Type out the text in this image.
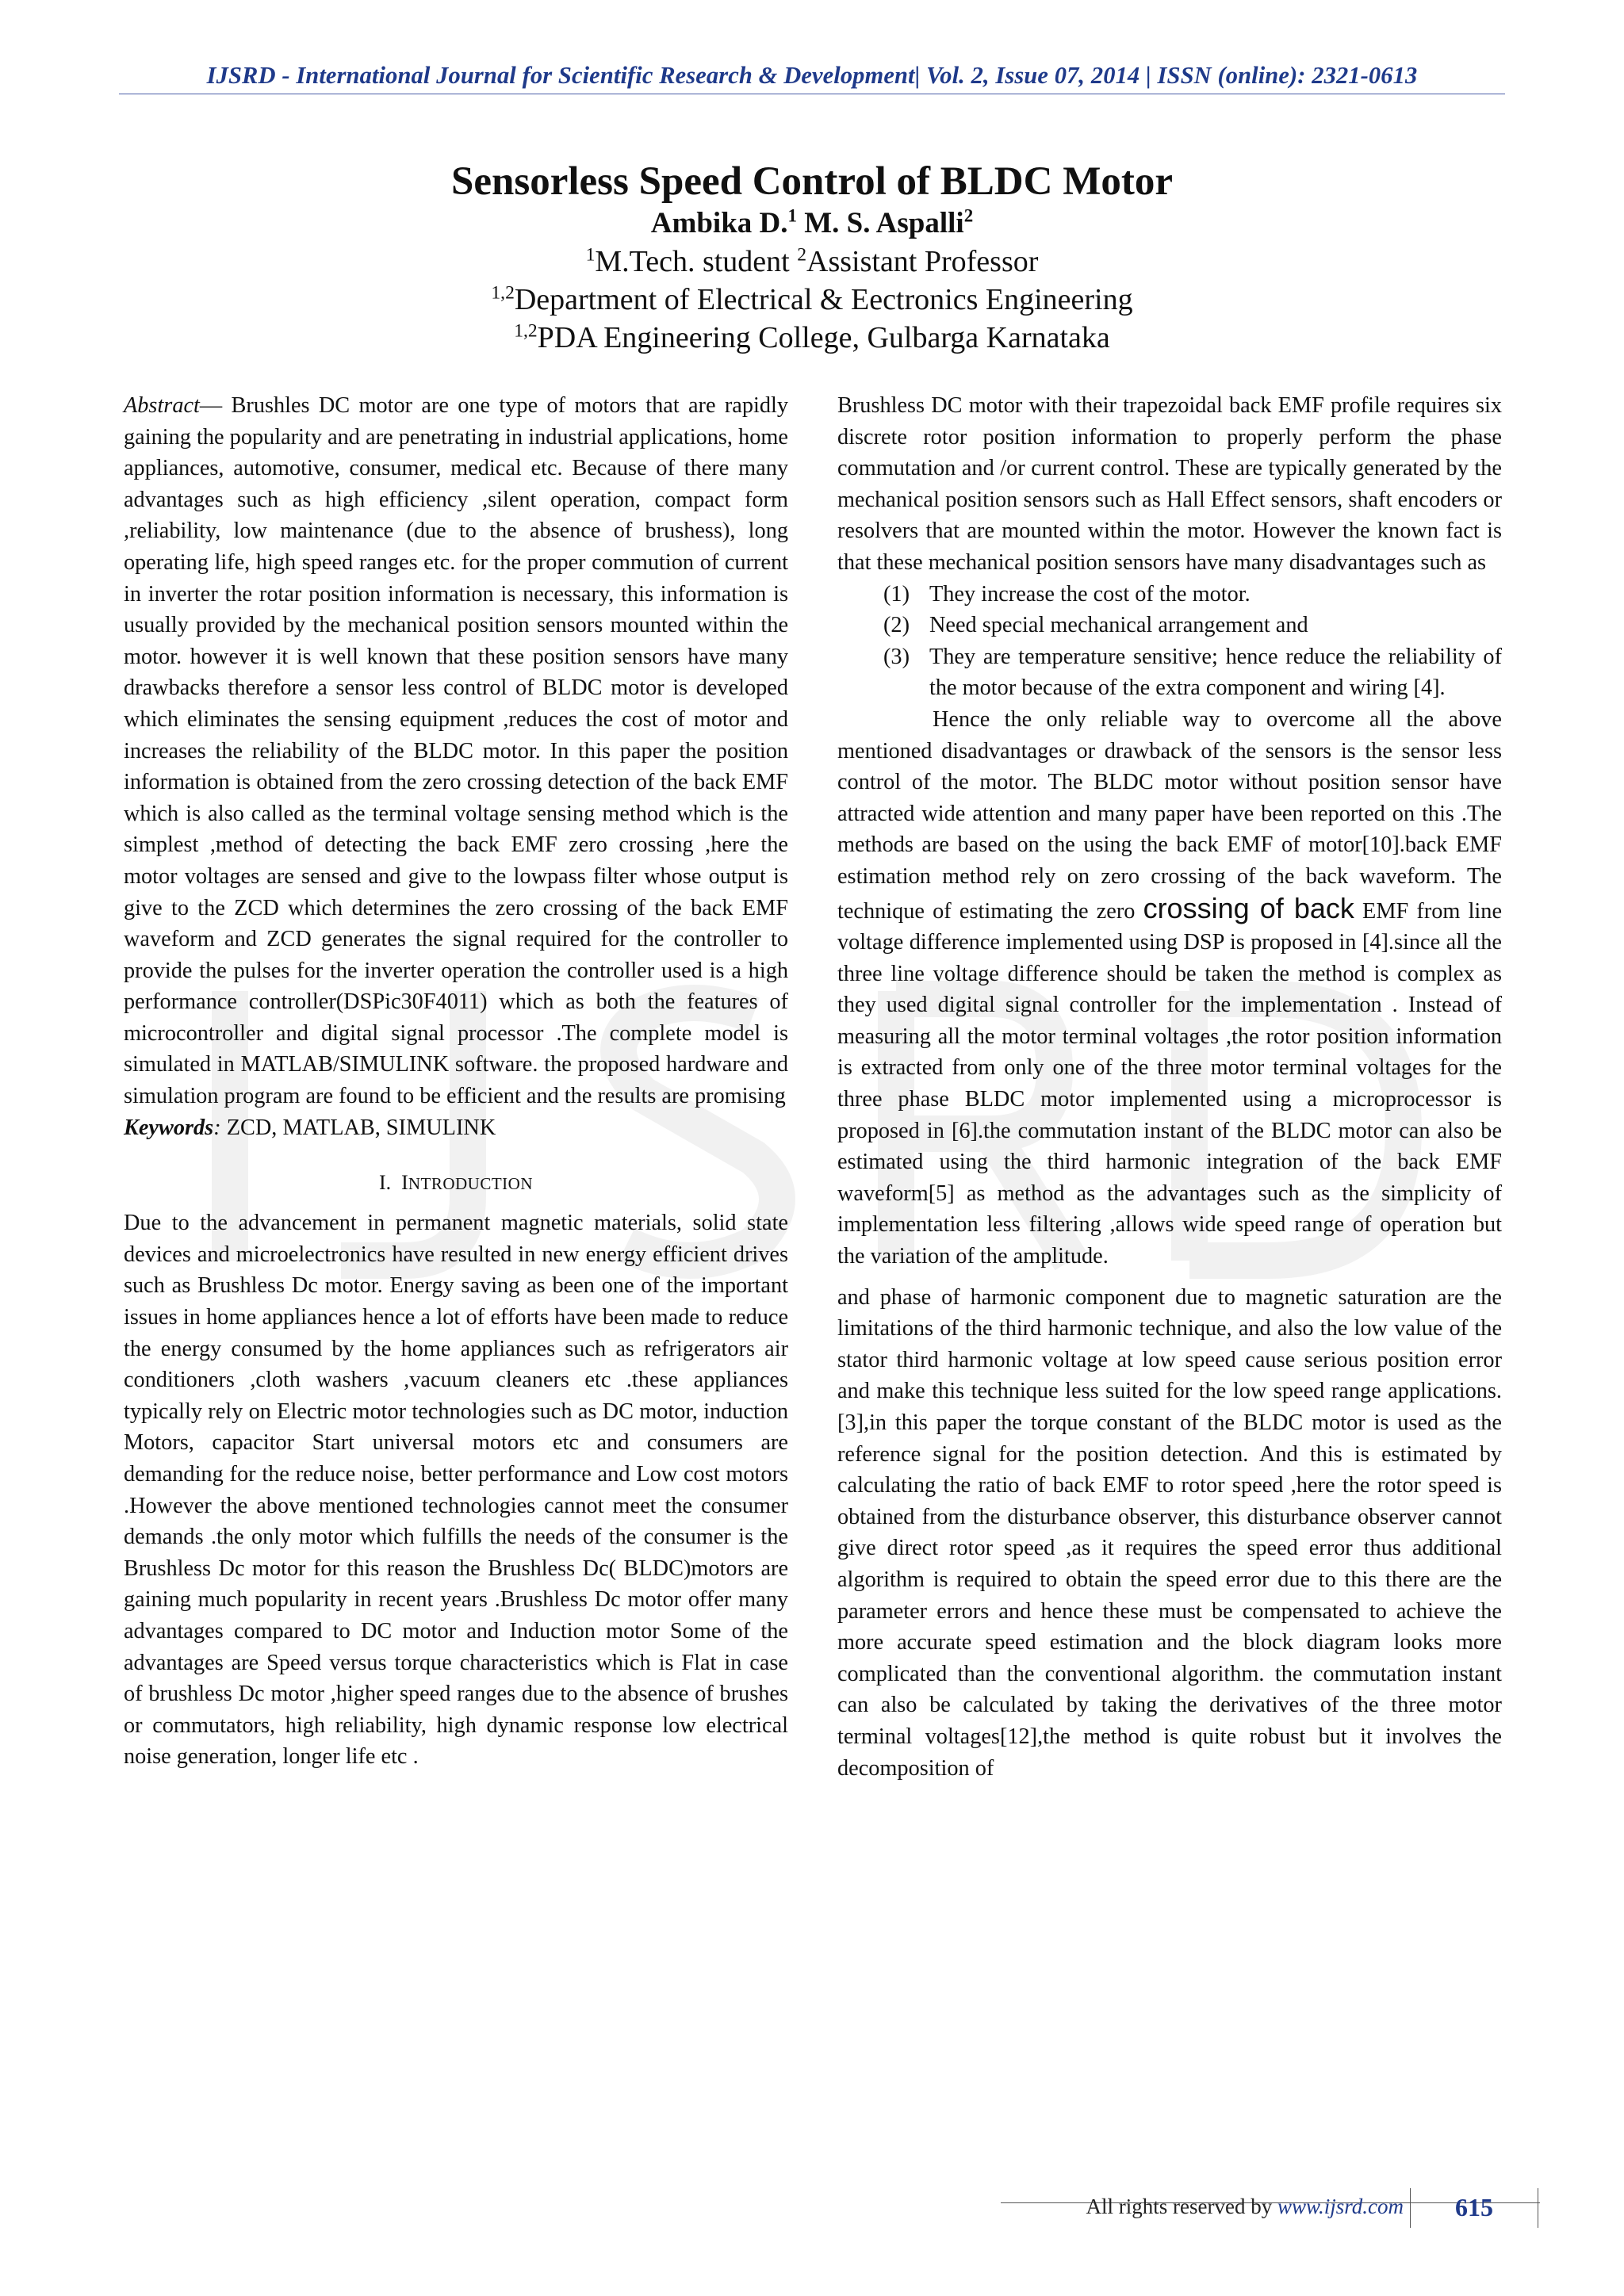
IJSRD - International Journal for Scientific Research & Development| Vol. 2, Issue 07, 2014 | ISSN (online): 2321-0613
Sensorless Speed Control of BLDC Motor
Ambika D.$^1$ M. S. Aspalli$^2$
$^1$M.Tech. student $^2$Assistant Professor
$^{1,2}$Department of Electrical & Eectronics Engineering
$^{1,2}$PDA Engineering College, Gulbarga Karnataka

Abstract— Brushles DC motor are one type of motors that are rapidly gaining the popularity and are penetrating in industrial applications, home appliances, automotive, consumer, medical etc. Because of there many advantages such as high efficiency ,silent operation, compact form ,reliability, low maintenance (due to the absence of brushess), long operating life, high speed ranges etc. for the proper commution of current in inverter the rotar position information is necessary, this information is usually provided by the mechanical position sensors mounted within the motor. however it is well known that these position sensors have many drawbacks therefore a sensor less control of BLDC motor is developed which eliminates the sensing equipment ,reduces the cost of motor and increases the reliability of the BLDC motor. In this paper the position information is obtained from the zero crossing detection of the back EMF which is also called as the terminal voltage sensing method which is the simplest ,method of detecting the back EMF zero crossing ,here the motor voltages are sensed and give to the lowpass filter whose output is give to the ZCD which determines the zero crossing of the back EMF waveform and ZCD generates the signal required for the controller to provide the pulses for the inverter operation the controller used is a high performance controller(DSPic30F4011) which as both the features of microcontroller and digital signal processor .The complete model is simulated in MATLAB/SIMULINK software. the proposed hardware and simulation program are found to be efficient and the results are promising

Keywords: ZCD, MATLAB, SIMULINK

I. INTRODUCTION

Due to the advancement in permanent magnetic materials, solid state devices and microelectronics have resulted in new energy efficient drives such as Brushless Dc motor. Energy saving as been one of the important issues in home appliances hence a lot of efforts have been made to reduce the energy consumed by the home appliances such as refrigerators air conditioners ,cloth washers ,vacuum cleaners etc .these appliances typically rely on Electric motor technologies such as DC motor, induction Motors, capacitor Start universal motors etc and consumers are demanding for the reduce noise, better performance and Low cost motors .However the above mentioned technologies cannot meet the consumer demands .the only motor which fulfills the needs of the consumer is the Brushless Dc motor for this reason the Brushless Dc( BLDC)motors are gaining much popularity in recent years .Brushless Dc motor offer many advantages compared to DC motor and Induction motor Some of the advantages are Speed versus torque characteristics which is Flat in case of brushless Dc motor ,higher speed ranges due to the absence of brushes or commutators, high reliability, high dynamic response low electrical noise generation, longer life etc .

Brushless DC motor with their trapezoidal back EMF profile requires six discrete rotor position information to properly perform the phase commutation and /or current control. These are typically generated by the mechanical position sensors such as Hall Effect sensors, shaft encoders or resolvers that are mounted within the motor. However the known fact is that these mechanical position sensors have many disadvantages such as

(1) They increase the cost of the motor.
(2) Need special mechanical arrangement and
(3) They are temperature sensitive; hence reduce the reliability of the motor because of the extra component and wiring [4].

Hence the only reliable way to overcome all the above mentioned disadvantages or drawback of the sensors is the sensor less control of the motor. The BLDC motor without position sensor have attracted wide attention and many paper have been reported on this .The methods are based on the using the back EMF of motor[10].back EMF estimation method rely on zero crossing of the back waveform. The technique of estimating the zero crossing of back EMF from line voltage difference implemented using DSP is proposed in [4].since all the three line voltage difference should be taken the method is complex as they used digital signal controller for the implementation . Instead of measuring all the motor terminal voltages ,the rotor position information is extracted from only one of the three motor terminal voltages for the three phase BLDC motor implemented using a microprocessor is proposed in [6].the commutation instant of the BLDC motor can also be estimated using the third harmonic integration of the back EMF waveform[5] as method as the advantages such as the simplicity of implementation less filtering ,allows wide speed range of operation but the variation of the amplitude.

and phase of harmonic component due to magnetic saturation are the limitations of the third harmonic technique, and also the low value of the stator third harmonic voltage at low speed cause serious position error and make this technique less suited for the low speed range applications.[3],in this paper the torque constant of the BLDC motor is used as the reference signal for the position detection. And this is estimated by calculating the ratio of back EMF to rotor speed ,here the rotor speed is obtained from the disturbance observer, this disturbance observer cannot give direct rotor speed ,as it requires the speed error thus additional algorithm is required to obtain the speed error due to this there are the parameter errors and hence these must be compensated to achieve the more accurate speed estimation and the block diagram looks more complicated than the conventional algorithm. the commutation instant can also be calculated by taking the derivatives of the three motor terminal voltages[12],the method is quite robust but it involves the decomposition of

All rights reserved by www.ijsrd.com	615
